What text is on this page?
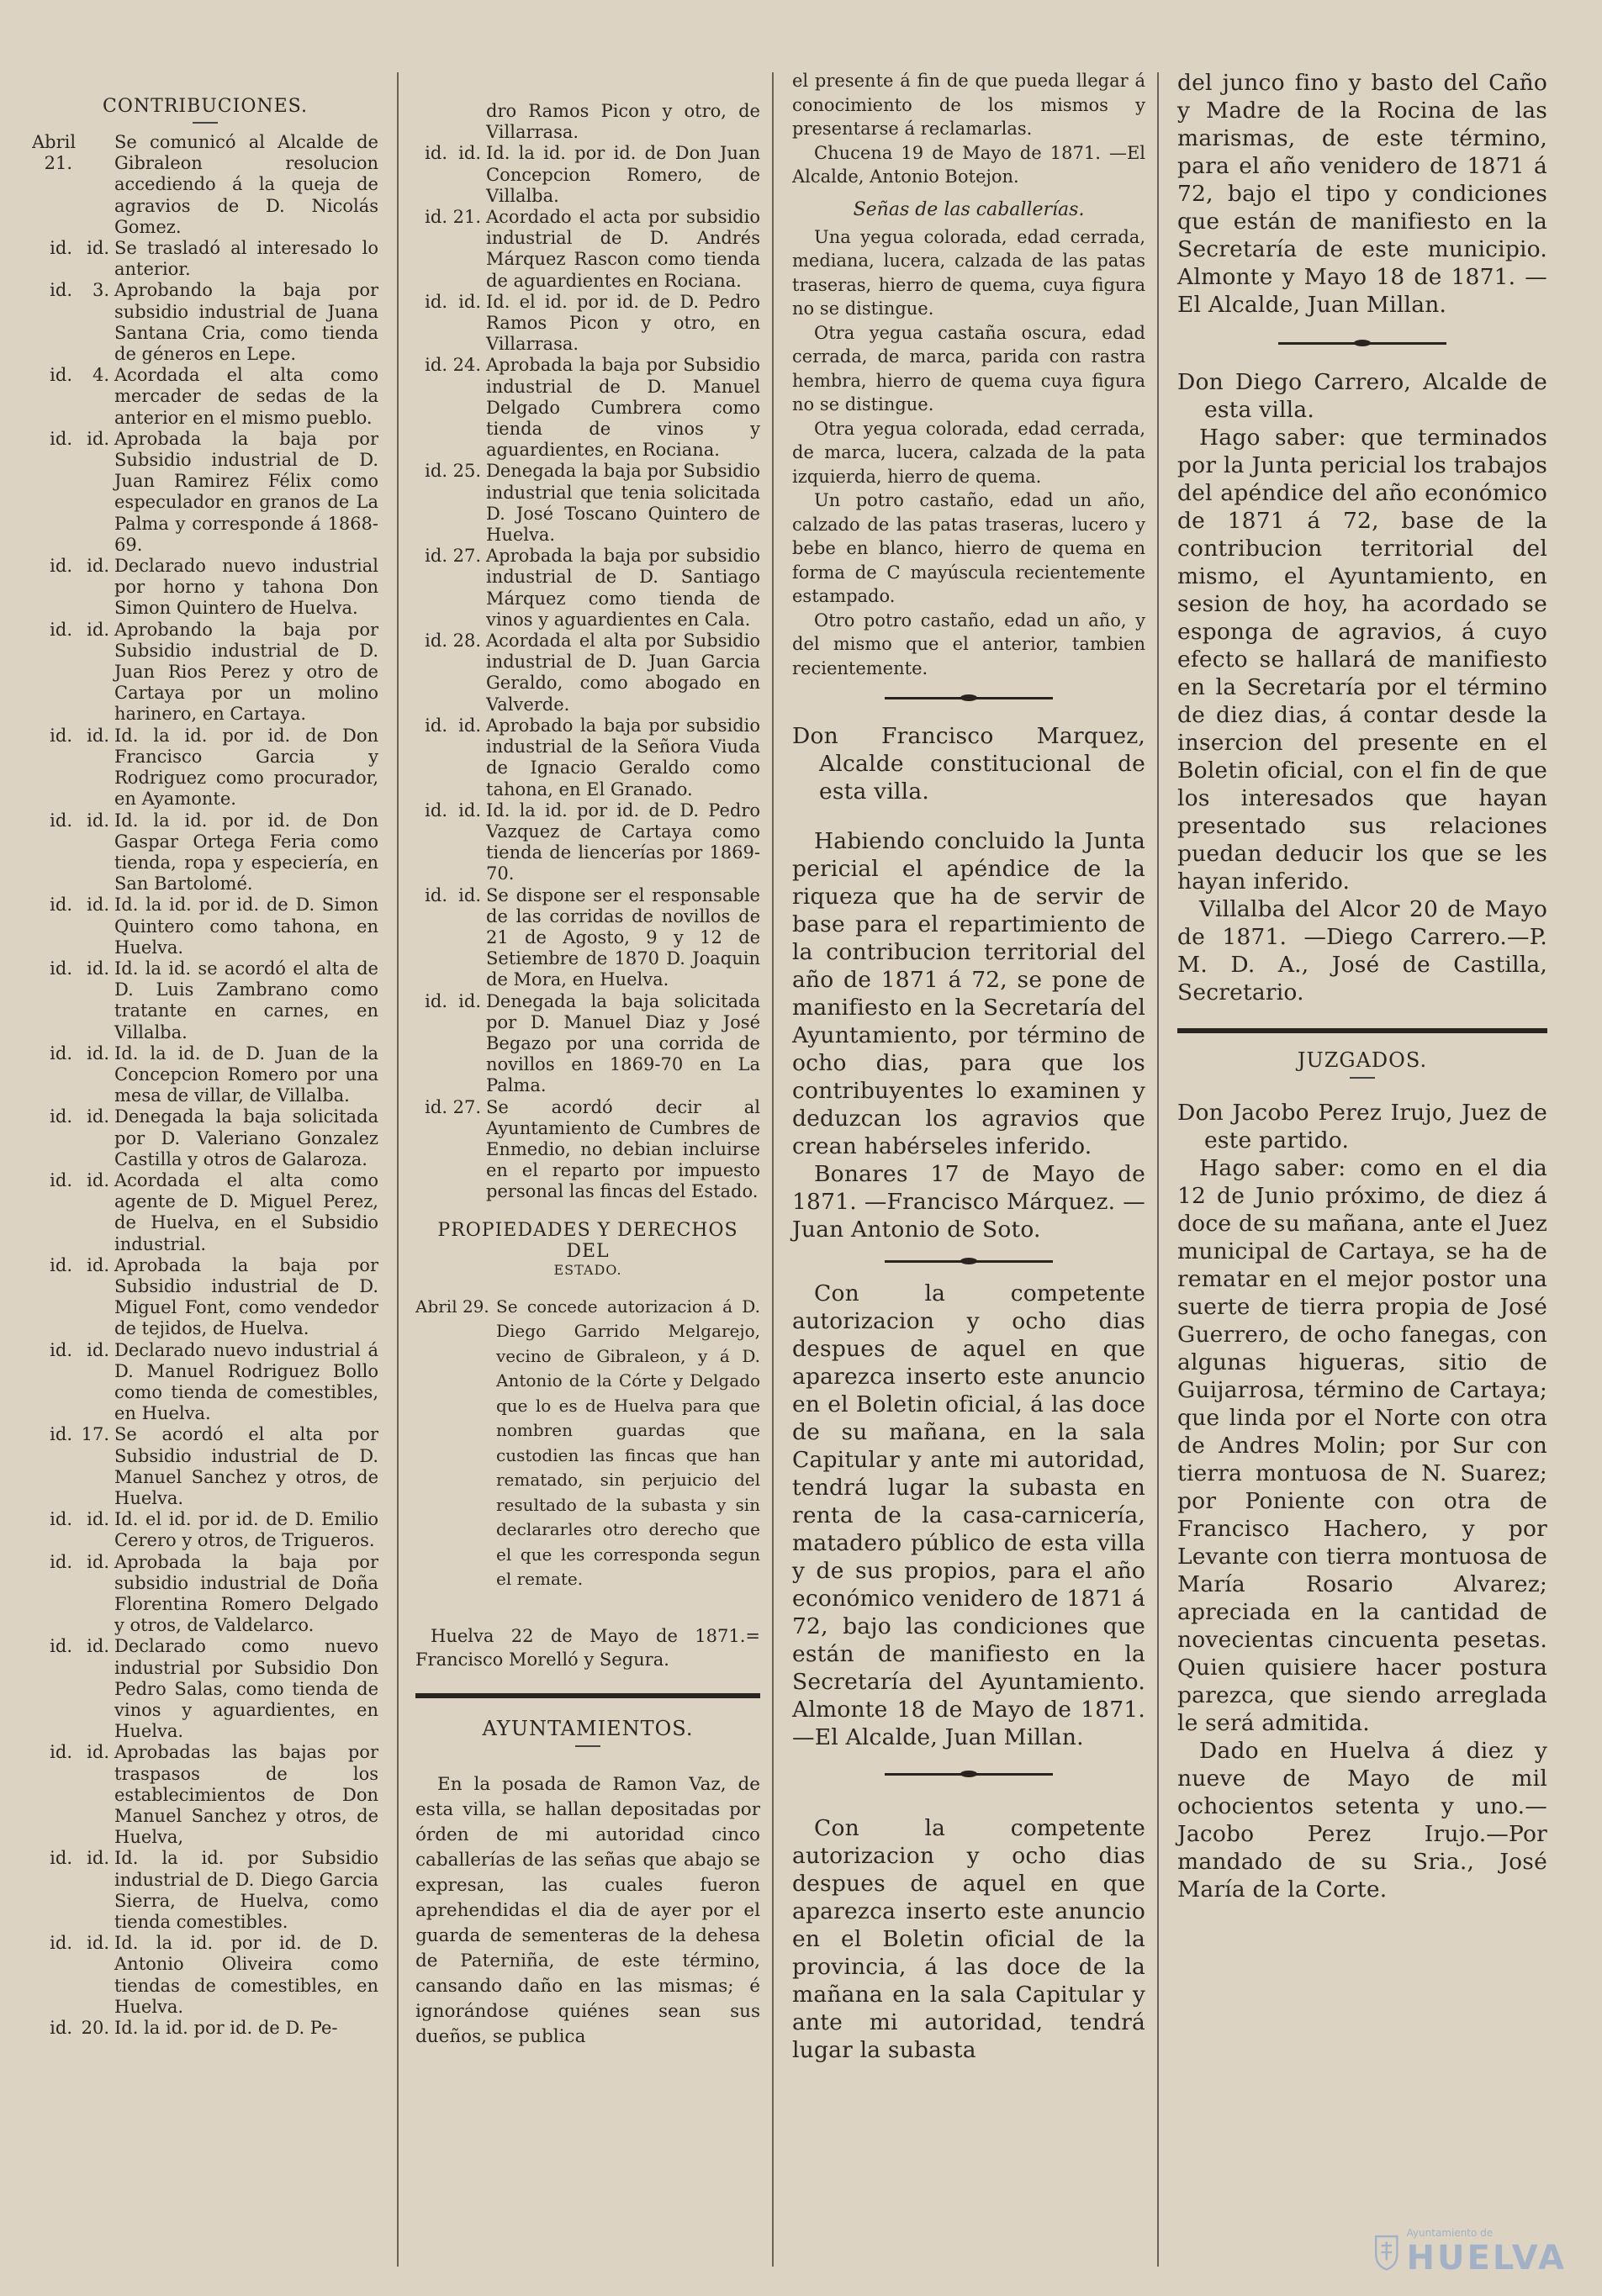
CONTRIBUCIONES.
Abril 21.
Se comunicó al Alcalde de Gibraleon resolucion accediendo á la queja de agravios de D. Nicolás Gomez.
id. id. Se trasladó al interesado lo anterior.
id.	3. Aprobando la baja por subsidio industrial de Juana Santana Cria, como tienda de géneros en Lepe.
id.	4. Acordada el alta como mercader de sedas de la anterior en el mismo pueblo.
id. id. Aprobada la baja por Subsidio industrial de D. Juan Ramirez Félix como especulador en granos de La Palma y corresponde á 1868-69.
id. id. Declarado nuevo industrial por horno y tahona Don Simon Quintero de Huelva.
id. id. Aprobando la baja por Subsidio industrial de D. Juan Rios Perez y otro de Cartaya por un molino harinero, en Cartaya.
id. id. Id. la id. por id. de Don Francisco Garcia y Rodriguez como procurador, en Ayamonte.
id. id. Id. la id. por id. de Don Gaspar Ortega Feria como tienda, ropa y especiería, en San Bartolomé.
id. id. Id. la id. por id. de D. Simon Quintero como tahona, en Huelva.
id. id. Id. la id. se acordó el alta de D. Luis Zambrano como tratante en carnes, en Villalba.
id. id. Id. la id. de D. Juan de la Concepcion Romero por una mesa de villar, de Villalba.
id. id. Denegada la baja solicitada por D. Valeriano Gonzalez Castilla y otros de Galaroza.
id. id. Acordada el alta como agente de D. Miguel Perez, de Huelva, en el Subsidio industrial.
id. id. Aprobada la baja por Subsidio industrial de D. Miguel Font, como vendedor de tejidos, de Huelva.
id. id. Declarado nuevo industrial á D. Manuel Rodriguez Bollo como tienda de comestibles, en Huelva.
id. 17. Se acordó el alta por Subsidio industrial de D. Manuel Sanchez y otros, de Huelva.
id. id. Id. el id. por id. de D. Emilio Cerero y otros, de Trigueros.
id. id. Aprobada la baja por subsidio industrial de Doña Florentina Romero Delgado y otros, de Valdelarco.
id. id. Declarado como nuevo industrial por Subsidio Don Pedro Salas, como tienda de vinos y aguardientes, en Huelva.
id. id. Aprobadas las bajas por traspasos de los establecimientos de Don Manuel Sanchez y otros, de Huelva,
id. id. Id. la id. por Subsidio industrial de D. Diego Garcia Sierra, de Huelva, como tienda comestibles.
id. id. Id. la id. por id. de D. Antonio Oliveira como tiendas de comestibles, en Huelva.
id. 20. Id. la id. por id. de D. Pe-
dro Ramos Picon y otro, de Villarrasa.
id. id. Id. la id. por id. de Don Juan Concepcion Romero, de Villalba.
id. 21. Acordado el acta por subsidio industrial de D. Andrés Márquez Rascon como tienda de aguardientes en Rociana.
id. id. Id. el id. por id. de D. Pedro Ramos Picon y otro, en Villarrasa.
id. 24. Aprobada la baja por Subsidio industrial de D. Manuel Delgado Cumbrera como tienda de vinos y aguardientes, en Rociana.
id. 25. Denegada la baja por Subsidio industrial que tenia solicitada D. José Toscano Quintero de Huelva.
id. 27. Aprobada la baja por subsidio industrial de D. Santiago Márquez como tienda de vinos y aguardientes en Cala.
id. 28. Acordada el alta por Subsidio industrial de D. Juan Garcia Geraldo, como abogado en Valverde.
id. id. Aprobado la baja por subsidio industrial de la Señora Viuda de Ignacio Geraldo como tahona, en El Granado.
id. id. Id. la id. por id. de D. Pedro Vazquez de Cartaya como tienda de liencerías por 1869-70.
id. id. Se dispone ser el responsable de las corridas de novillos de 21 de Agosto, 9 y 12 de Setiembre de 1870 D. Joaquin de Mora, en Huelva.
id. id. Denegada la baja solicitada por D. Manuel Diaz y José Begazo por una corrida de novillos en 1869-70 en La Palma.
id. 27. Se acordó decir al Ayuntamiento de Cumbres de Enmedio, no debian incluirse en el reparto por impuesto personal las fincas del Estado.
PROPIEDADES Y DERECHOS DEL
ESTADO.
Abril 29. Se concede autorizacion á D. Diego Garrido Melgarejo, vecino de Gibraleon, y á D. Antonio de la Córte y Delgado que lo es de Huelva para que nombren guardas que custodien las fincas que han rematado, sin perjuicio del resultado de la subasta y sin declararles otro derecho que el que les corresponda segun el remate.
Huelva 22 de Mayo de 1871.= Francisco Morelló y Segura.
AYUNTAMIENTOS.

En la posada de Ramon Vaz, de esta villa, se hallan depositadas por órden de mi autoridad cinco caballerías de las señas que abajo se expresan, las cuales fueron aprehendidas el dia de ayer por el guarda de sementeras de la dehesa de Paterniña, de este término, cansando daño en las mismas; é ignorándose quiénes sean sus dueños, se publica

el presente á fin de que pueda llegar á conocimiento de los mismos y presentarse á reclamarlas.

Chucena 19 de Mayo de 1871. —El Alcalde, Antonio Botejon.

Señas de las caballerías.

Una yegua colorada, edad cerrada, mediana, lucera, calzada de las patas traseras, hierro de quema, cuya figura no se distingue.

Otra yegua castaña oscura, edad cerrada, de marca, parida con rastra hembra, hierro de quema cuya figura no se distingue.

Otra yegua colorada, edad cerrada, de marca, lucera, calzada de la pata izquierda, hierro de quema.

Un potro castaño, edad un año, calzado de las patas traseras, lucero y bebe en blanco, hierro de quema en forma de C mayúscula recientemente estampado.

Otro potro castaño, edad un año, y del mismo que el anterior, tambien recientemente.

Don Francisco Marquez, Alcalde constitucional de esta villa.

Habiendo concluido la Junta pericial el apéndice de la riqueza que ha de servir de base para el repartimiento de la contribucion territorial del año de 1871 á 72, se pone de manifiesto en la Secretaría del Ayuntamiento, por término de ocho dias, para que los contribuyentes lo examinen y deduzcan los agravios que crean habérseles inferido.

Bonares 17 de Mayo de 1871. —Francisco Márquez. —Juan Antonio de Soto.

Con la competente autorizacion y ocho dias despues de aquel en que aparezca inserto este anuncio en el Boletin oficial, á las doce de su mañana, en la sala Capitular y ante mi autoridad, tendrá lugar la subasta en renta de la casa-carnicería, matadero público de esta villa y de sus propios, para el año económico venidero de 1871 á 72, bajo las condiciones que están de manifiesto en la Secretaría del Ayuntamiento. Almonte 18 de Mayo de 1871. —El Alcalde, Juan Millan.

Con la competente autorizacion y ocho dias despues de aquel en que aparezca inserto este anuncio en el Boletin oficial de la provincia, á las doce de la mañana en la sala Capitular y ante mi autoridad, tendrá lugar la subasta

del junco fino y basto del Caño y Madre de la Rocina de las marismas, de este término, para el año venidero de 1871 á 72, bajo el tipo y condiciones que están de manifiesto en la Secretaría de este municipio. Almonte y Mayo 18 de 1871. —El Alcalde, Juan Millan.

Don Diego Carrero, Alcalde de esta villa.

Hago saber: que terminados por la Junta pericial los trabajos del apéndice del año económico de 1871 á 72, base de la contribucion territorial del mismo, el Ayuntamiento, en sesion de hoy, ha acordado se esponga de agravios, á cuyo efecto se hallará de manifiesto en la Secretaría por el término de diez dias, á contar desde la insercion del presente en el Boletin oficial, con el fin de que los interesados que hayan presentado sus relaciones puedan deducir los que se les hayan inferido.

Villalba del Alcor 20 de Mayo de 1871. —Diego Carrero.—P. M. D. A., José de Castilla, Secretario.

JUZGADOS.

Don Jacobo Perez Irujo, Juez de este partido.

Hago saber: como en el dia 12 de Junio próximo, de diez á doce de su mañana, ante el Juez municipal de Cartaya, se ha de rematar en el mejor postor una suerte de tierra propia de José Guerrero, de ocho fanegas, con algunas higueras, sitio de Guijarrosa, término de Cartaya; que linda por el Norte con otra de Andres Molin; por Sur con tierra montuosa de N. Suarez; por Poniente con otra de Francisco Hachero, y por Levante con tierra montuosa de María Rosario Alvarez; apreciada en la cantidad de novecientas cincuenta pesetas. Quien quisiere hacer postura parezca, que siendo arreglada le será admitida.

Dado en Huelva á diez y nueve de Mayo de mil ochocientos setenta y uno.—Jacobo Perez Irujo.—Por mandado de su Sria., José María de la Corte.

Ayuntamiento de
HUELVA
